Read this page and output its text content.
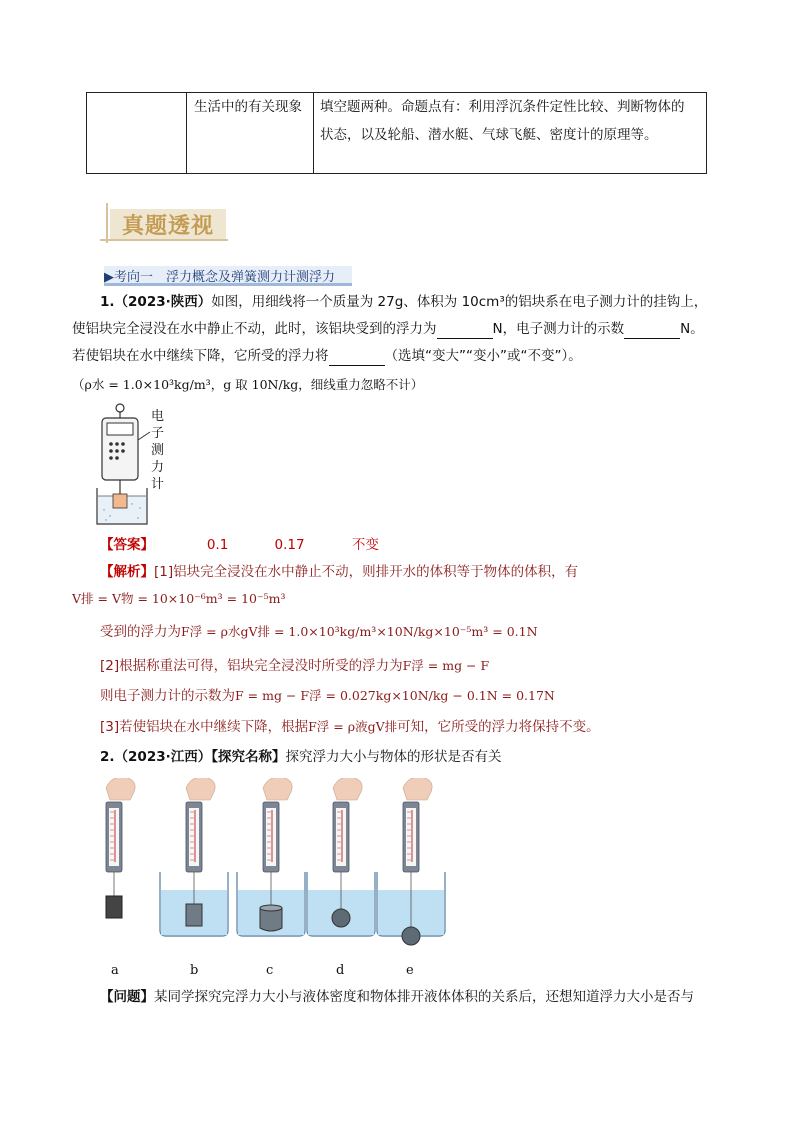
生活中的有关现象 填空题两种。命题点有：利用浮沉条件定性比较、判断物体的
状态，以及轮船、潜水艇、气球飞艇、密度计的原理等。
真题透视
▶考向一　浮力概念及弹簧测力计测浮力
1.（2023·陕西）如图，用细线将一个质量为 27g、体积为 10cm³的铝块系在电子测力计的挂钩上，
使铝块完全浸没在水中静止不动，此时，该铝块受到的浮力为	N，电子测力计的示数	N。
若使铝块在水中继续下降，它所受的浮力将	（选填“变大”“变小”或“不变”）。
（ρ水 = 1.0×10³kg/m³，g 取 10N/kg，细线重力忽略不计）
电
子
测
力
计
【答案】	0.1	0.17	不变
【解析】[1]铝块完全浸没在水中静止不动，则排开水的体积等于物体的体积，有
V排 = V物 = 10×10⁻⁶m³ = 10⁻⁵m³
受到的浮力为F浮 = ρ水gV排 = 1.0×10³kg/m³×10N/kg×10⁻⁵m³ = 0.1N
[2]根据称重法可得，铝块完全浸没时所受的浮力为F浮 = mg − F
则电子测力计的示数为F = mg − F浮 = 0.027kg×10N/kg − 0.1N = 0.17N
[3]若使铝块在水中继续下降，根据F浮 = ρ液gV排可知，它所受的浮力将保持不变。
2.（2023·江西）【探究名称】探究浮力大小与物体的形状是否有关
a	b	c	d	e
【问题】某同学探究完浮力大小与液体密度和物体排开液体体积的关系后，还想知道浮力大小是否与
